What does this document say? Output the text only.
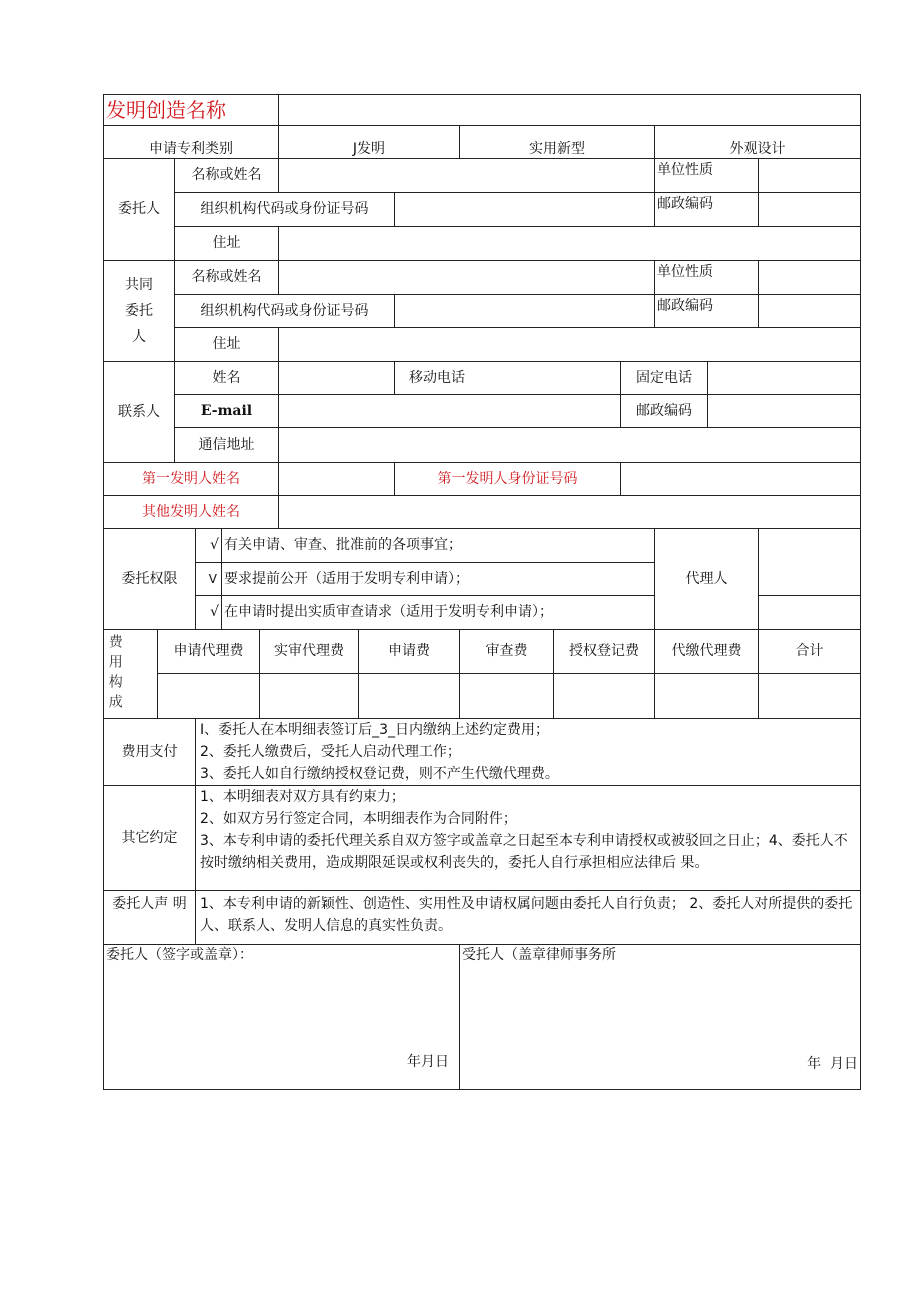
发明创造名称
申请专利类别	J发明	实用新型	外观设计
委托人
名称或姓名	单位性质
组织机构代码或身份证号码	邮政编码
住址
共同委托人
名称或姓名	单位性质
组织机构代码或身份证号码	邮政编码
住址
联系人
姓名	移动电话	固定电话
E-mail	邮政编码
通信地址
第一发明人姓名	第一发明人身份证号码
其他发明人姓名
委托权限
√ 有关申请、审查、批准前的各项事宜；
V 要求提前公开（适用于发明专利申请）；
√ 在申请时提出实质审查请求（适用于发明专利申请）；
代理人
费用构成	申请代理费	实审代理费	申请费	审查费	授权登记费	代缴代理费	合计
费用支付
I、委托人在本明细表签订后_3_日内缴纳上述约定费用；
2、委托人缴费后，受托人启动代理工作；
3、委托人如自行缴纳授权登记费，则不产生代缴代理费。
其它约定
1、本明细表对双方具有约束力；
2、如双方另行签定合同，本明细表作为合同附件；
3、本专利申请的委托代理关系自双方签字或盖章之日起至本专利申请授权或被驳回之日止；4、委托人不按时缴纳相关费用，造成期限延误或权利丧失的，委托人自行承担相应法律后 果。
委托人声 明 1、本专利申请的新颖性、创造性、实用性及申请权属问题由委托人自行负责； 2、委托人对所提供的委托人、联系人、发明人信息的真实性负责。
委托人（签字或盖章）：
年月日
受托人（盖章律师事务所
年  月日
